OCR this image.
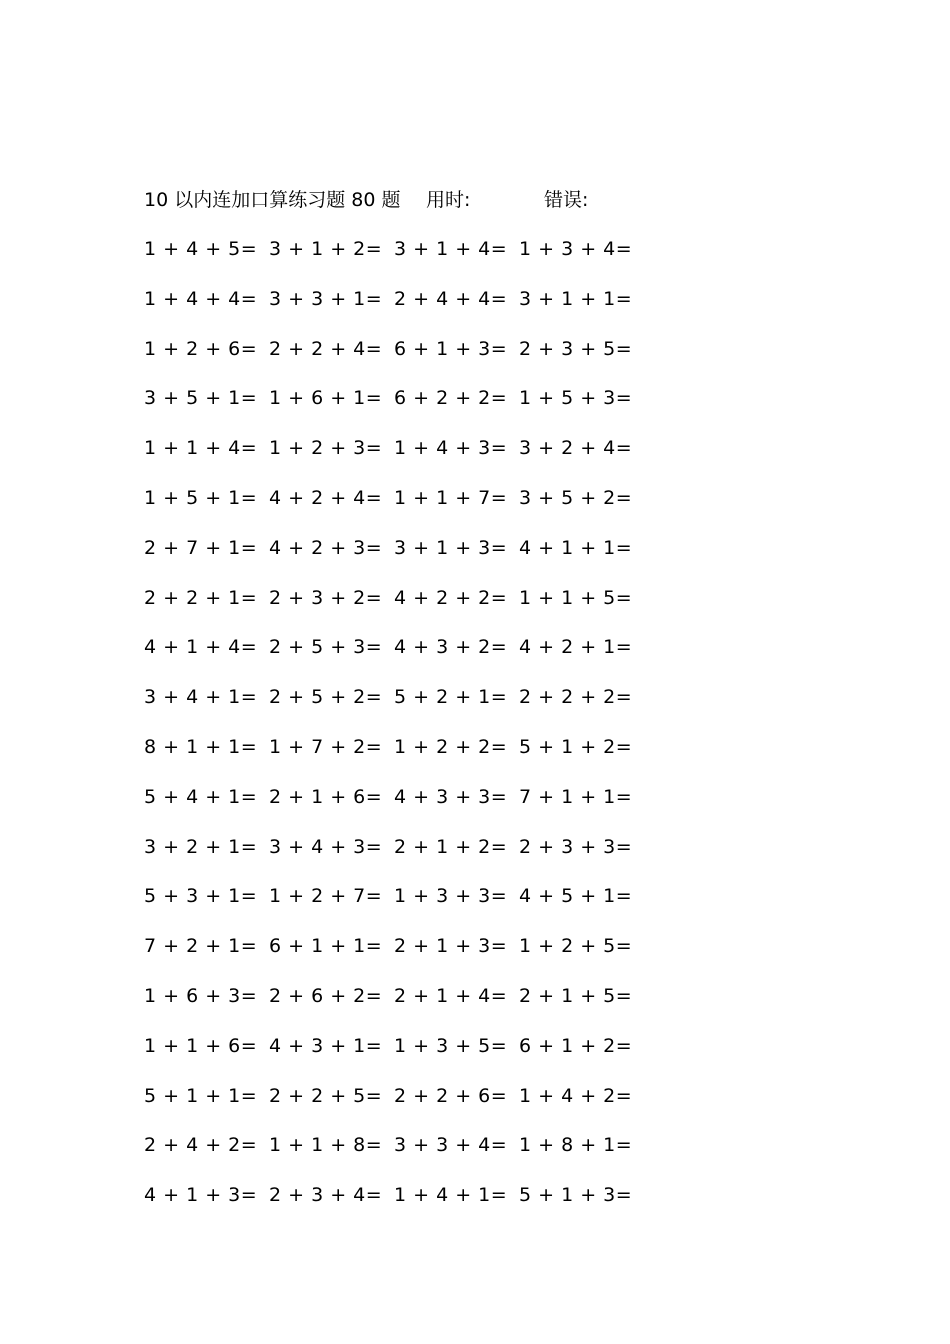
10 以内连加口算练习题 80 题 用时:	错误:
1 + 4 + 5= 3 + 1 + 2= 3 + 1 + 4= 1 + 3 + 4=
1 + 4 + 4= 3 + 3 + 1= 2 + 4 + 4= 3 + 1 + 1=
1 + 2 + 6= 2 + 2 + 4= 6 + 1 + 3= 2 + 3 + 5=
3 + 5 + 1= 1 + 6 + 1= 6 + 2 + 2= 1 + 5 + 3=
1 + 1 + 4= 1 + 2 + 3= 1 + 4 + 3= 3 + 2 + 4=
1 + 5 + 1= 4 + 2 + 4= 1 + 1 + 7= 3 + 5 + 2=
2 + 7 + 1= 4 + 2 + 3= 3 + 1 + 3= 4 + 1 + 1=
2 + 2 + 1= 2 + 3 + 2= 4 + 2 + 2= 1 + 1 + 5=
4 + 1 + 4= 2 + 5 + 3= 4 + 3 + 2= 4 + 2 + 1=
3 + 4 + 1= 2 + 5 + 2= 5 + 2 + 1= 2 + 2 + 2=
8 + 1 + 1= 1 + 7 + 2= 1 + 2 + 2= 5 + 1 + 2=
5 + 4 + 1= 2 + 1 + 6= 4 + 3 + 3= 7 + 1 + 1=
3 + 2 + 1= 3 + 4 + 3= 2 + 1 + 2= 2 + 3 + 3=
5 + 3 + 1= 1 + 2 + 7= 1 + 3 + 3= 4 + 5 + 1=
7 + 2 + 1= 6 + 1 + 1= 2 + 1 + 3= 1 + 2 + 5=
1 + 6 + 3= 2 + 6 + 2= 2 + 1 + 4= 2 + 1 + 5=
1 + 1 + 6= 4 + 3 + 1= 1 + 3 + 5= 6 + 1 + 2=
5 + 1 + 1= 2 + 2 + 5= 2 + 2 + 6= 1 + 4 + 2=
2 + 4 + 2= 1 + 1 + 8= 3 + 3 + 4= 1 + 8 + 1=
4 + 1 + 3= 2 + 3 + 4= 1 + 4 + 1= 5 + 1 + 3=
